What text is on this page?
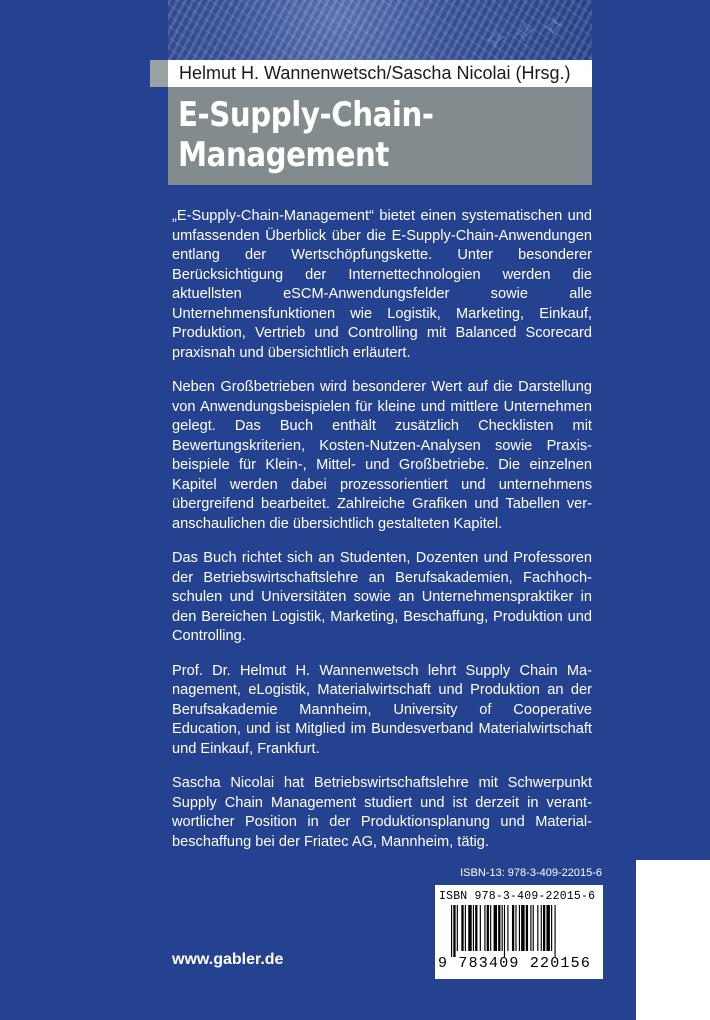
⟡ ⟡ ⟡
Helmut H. Wannenwetsch/Sascha Nicolai (Hrsg.)
E-Supply-Chain-
Management

„E-Supply-Chain-Management“ bietet einen systematischen und umfassenden Überblick über die E-Supply-Chain-Anwendungen entlang der Wertschöpfungskette. Unter besonderer Berücksichtigung der Internettechnologien werden die aktuellsten eSCM-Anwendungsfelder sowie alle Unternehmensfunktionen wie Logistik, Marketing, Einkauf, Produktion, Vertrieb und Controlling mit Balanced Scorecard praxisnah und übersichtlich erläutert.

Neben Großbetrieben wird besonderer Wert auf die Darstellung von Anwendungsbeispielen für kleine und mittlere Unternehmen gelegt. Das Buch enthält zusätzlich Checklisten mit Bewertungskriterien, Kosten-Nutzen-Analysen sowie Praxisbeispiele für Klein-, Mittel- und Großbetriebe. Die einzelnen Kapitel werden dabei prozessorientiert und unternehmens übergreifend bearbeitet. Zahlreiche Grafiken und Tabellen veranschaulichen die übersichtlich gestalteten Kapitel.

Das Buch richtet sich an Studenten, Dozenten und Professoren der Betriebswirtschaftslehre an Berufsakademien, Fachhochschulen und Universitäten sowie an Unternehmenspraktiker in den Bereichen Logistik, Marketing, Beschaffung, Produktion und Controlling.

Prof. Dr. Helmut H. Wannenwetsch lehrt Supply Chain Management, eLogistik, Materialwirtschaft und Produktion an der Berufsakademie Mannheim, University of Cooperative Education, und ist Mitglied im Bundesverband Materialwirtschaft und Einkauf, Frankfurt.

Sascha Nicolai hat Betriebswirtschaftslehre mit Schwerpunkt Supply Chain Management studiert und ist derzeit in verantwortlicher Position in der Produktionsplanung und Materialbeschaffung bei der Friatec AG, Mannheim, tätig.

ISBN-13: 978-3-409-22015-6
ISBN 978-3-409-22015-6
9 783409 220156
www.gabler.de
